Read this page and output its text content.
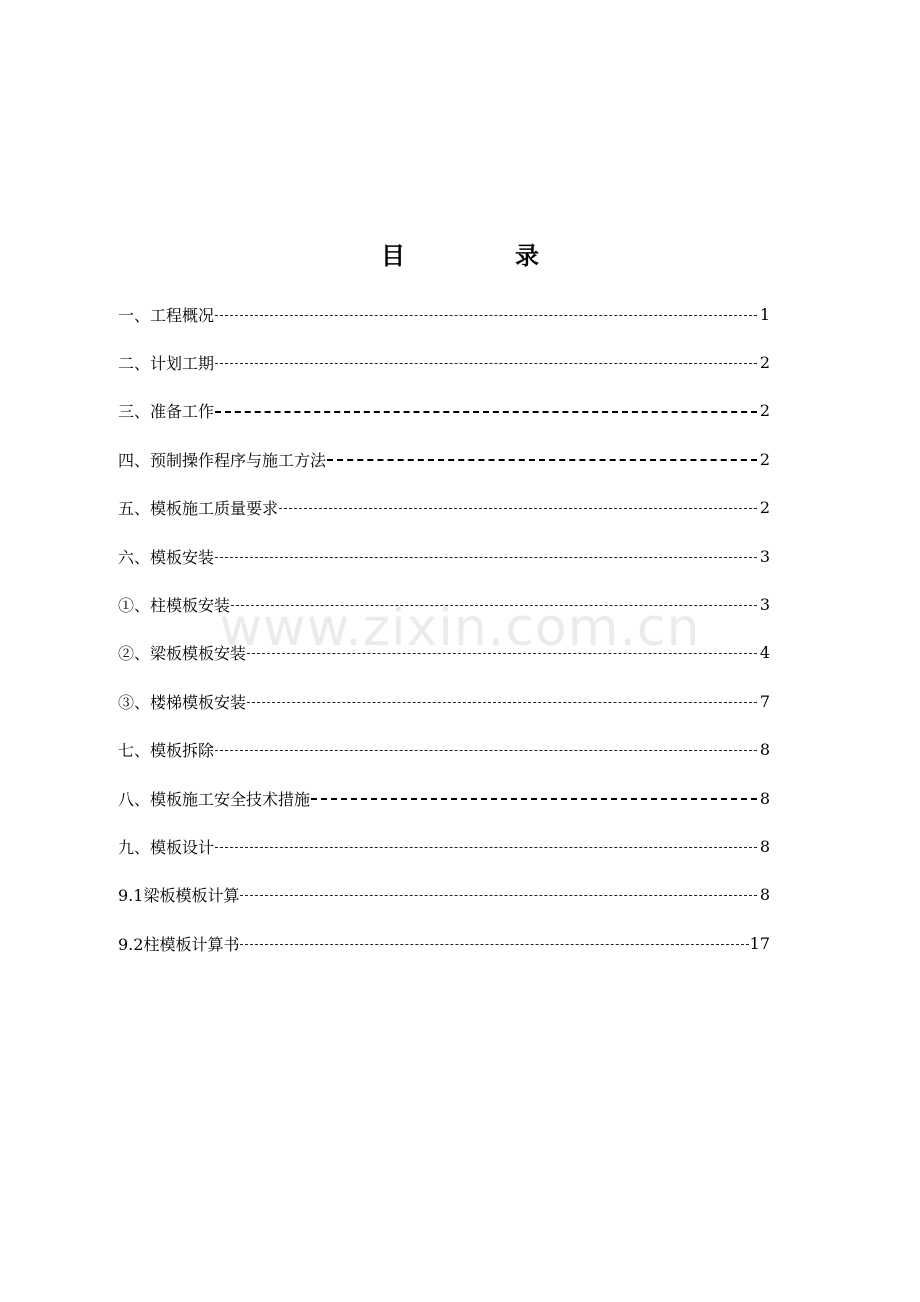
目	录
一、工程概况	1
二、计划工期	2
三、准备工作	2
四、预制操作程序与施工方法	2
五、模板施工质量要求	2
六、模板安装	3
①、柱模板安装	3
②、梁板模板安装	4
③、楼梯模板安装	7
七、模板拆除	8
八、模板施工安全技术措施	8
九、模板设计	8
9.1梁板模板计算	8
9.2柱模板计算书	17
www.zixin.com.cn
